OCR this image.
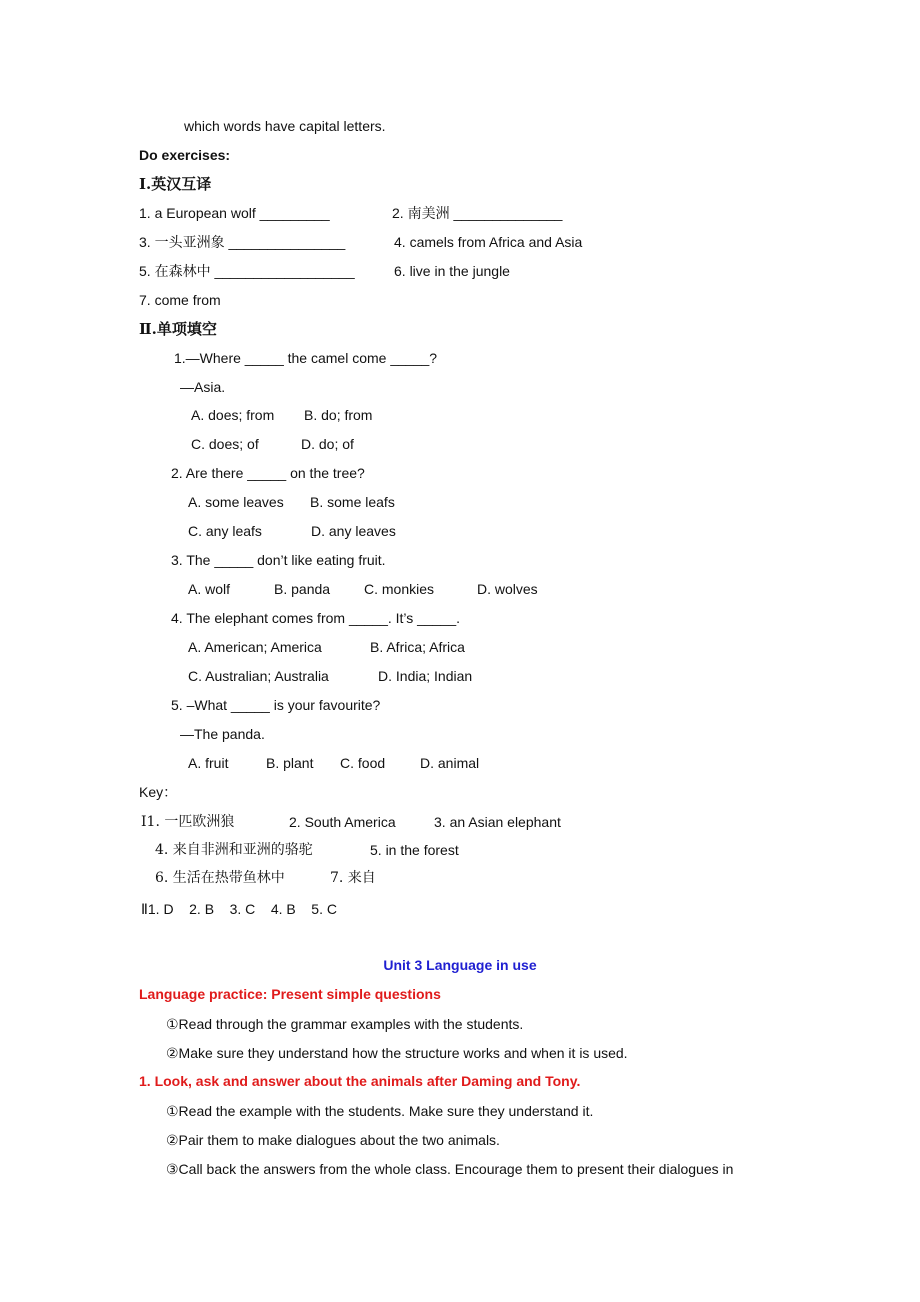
which words have capital letters.
Do exercises:
Ⅰ.英汉互译
1. a European wolf _________	2. 南美洲 ______________
3. 一头亚洲象 _______________	4. camels from Africa and Asia
5. 在森林中 __________________	6. live in the jungle
7. come from
Ⅱ.单项填空
1.—Where _____ the camel come _____?
—Asia.
A. does; from B. do; from
C. does; of	D. do; of
2. Are there _____ on the tree?
A. some leaves B. some leafs
C. any leafs	D. any leaves
3. The _____ don’t like eating fruit.
A. wolf	B. panda C. monkies	D. wolves
4. The elephant comes from _____. It’s _____.
A. American; America	B. Africa; Africa
C. Australian; Australia	D. India; Indian
5. –What _____ is your favourite?
—The panda.
A. fruit	B. plant C. food D. animal
Key：
Ⅰ1. 一匹欧洲狼	2. South America	3. an Asian elephant
4. 来自非洲和亚洲的骆驼	5. in the forest
6. 生活在热带鱼林中	7. 来自
Ⅱ1. D    2. B    3. C    4. B    5. C
Unit 3 Language in use
Language practice: Present simple questions
①Read through the grammar examples with the students.
②Make sure they understand how the structure works and when it is used.
1. Look, ask and answer about the animals after Daming and Tony.
①Read the example with the students. Make sure they understand it.
②Pair them to make dialogues about the two animals.
③Call back the answers from the whole class. Encourage them to present their dialogues in
